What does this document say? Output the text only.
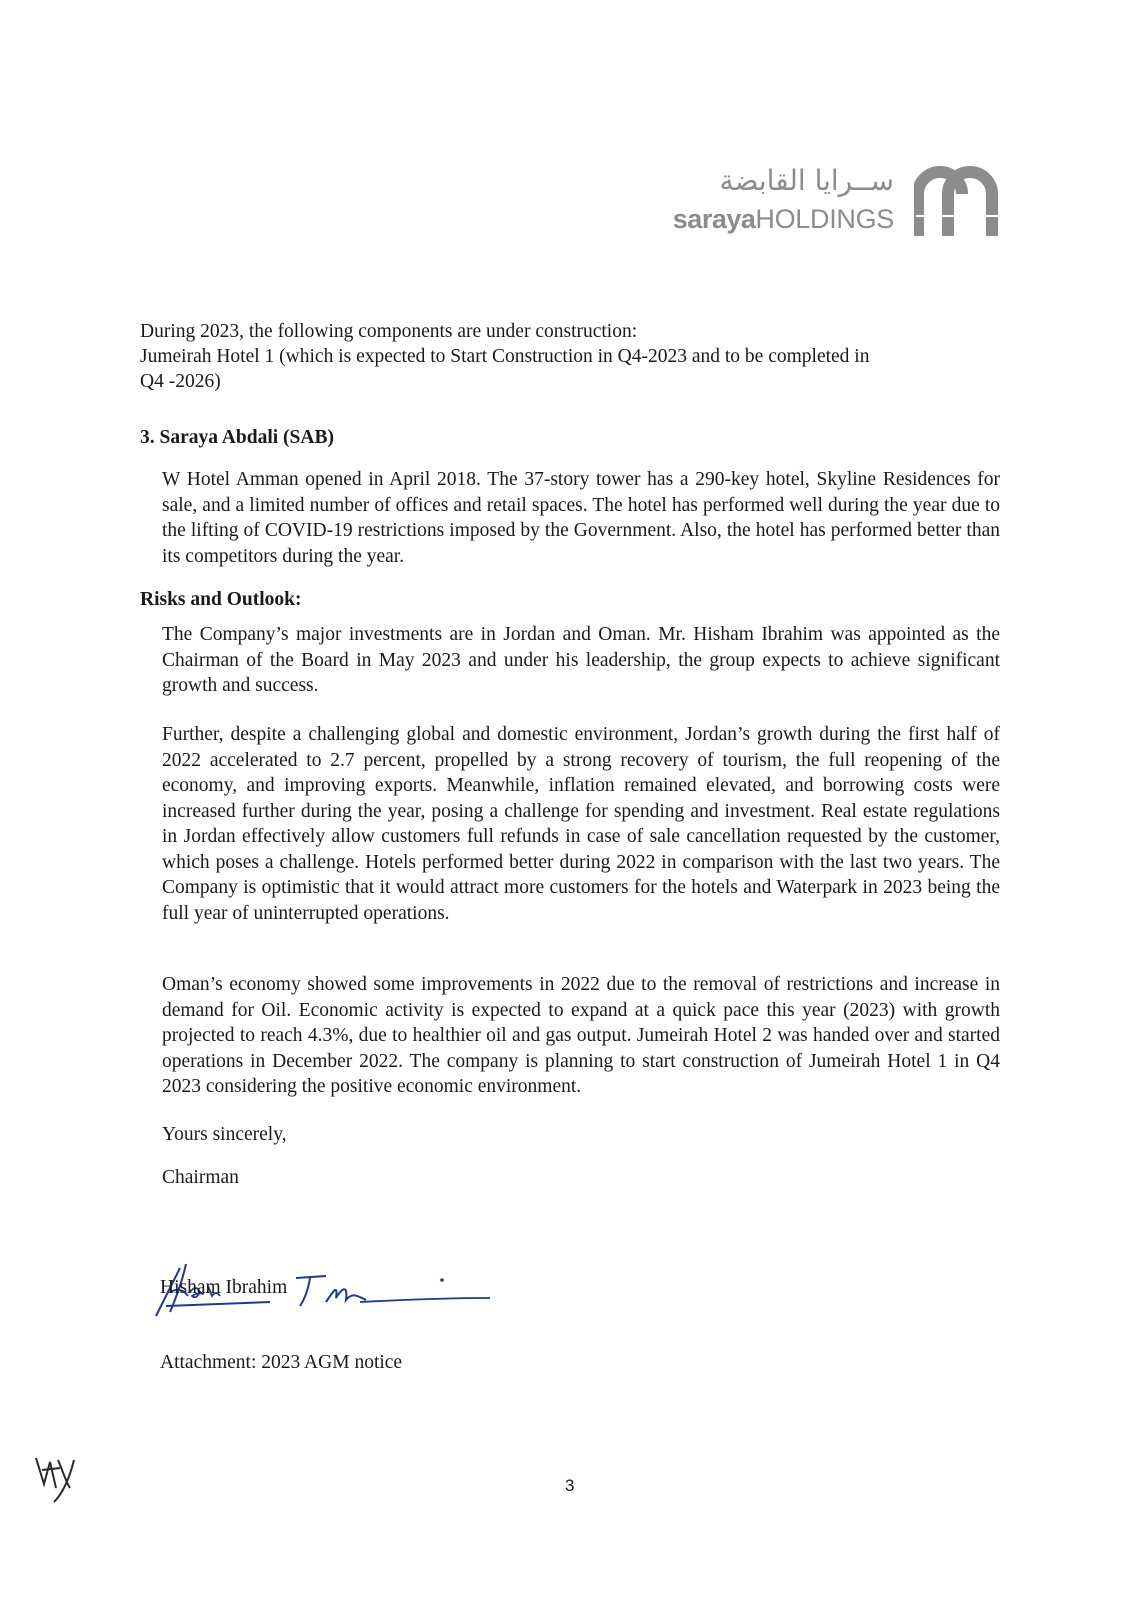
ســرايا القابضة
sarayaHOLDINGS
During 2023, the following components are under construction:
Jumeirah Hotel 1 (which is expected to Start Construction in Q4-2023 and to be completed in
Q4 -2026)
3. Saraya Abdali (SAB)
W Hotel Amman opened in April 2018. The 37-story tower has a 290-key hotel, Skyline Residences for sale, and a limited number of offices and retail spaces. The hotel has performed well during the year due to the lifting of COVID-19 restrictions imposed by the Government. Also, the hotel has performed better than its competitors during the year.
Risks and Outlook:
The Company’s major investments are in Jordan and Oman. Mr. Hisham Ibrahim was appointed as the Chairman of the Board in May 2023 and under his leadership, the group expects to achieve significant growth and success.
Further, despite a challenging global and domestic environment, Jordan’s growth during the first half of 2022 accelerated to 2.7 percent, propelled by a strong recovery of tourism, the full reopening of the economy, and improving exports. Meanwhile, inflation remained elevated, and borrowing costs were increased further during the year, posing a challenge for spending and investment. Real estate regulations in Jordan effectively allow customers full refunds in case of sale cancellation requested by the customer, which poses a challenge. Hotels performed better during 2022 in comparison with the last two years. The Company is optimistic that it would attract more customers for the hotels and Waterpark in 2023 being the full year of uninterrupted operations.
Oman’s economy showed some improvements in 2022 due to the removal of restrictions and increase in demand for Oil. Economic activity is expected to expand at a quick pace this year (2023) with growth projected to reach 4.3%, due to healthier oil and gas output. Jumeirah Hotel 2 was handed over and started operations in December 2022. The company is planning to start construction of Jumeirah Hotel 1 in Q4 2023 considering the positive economic environment.
Yours sincerely,
Chairman
Hisham Ibrahim
Attachment: 2023 AGM notice
3
